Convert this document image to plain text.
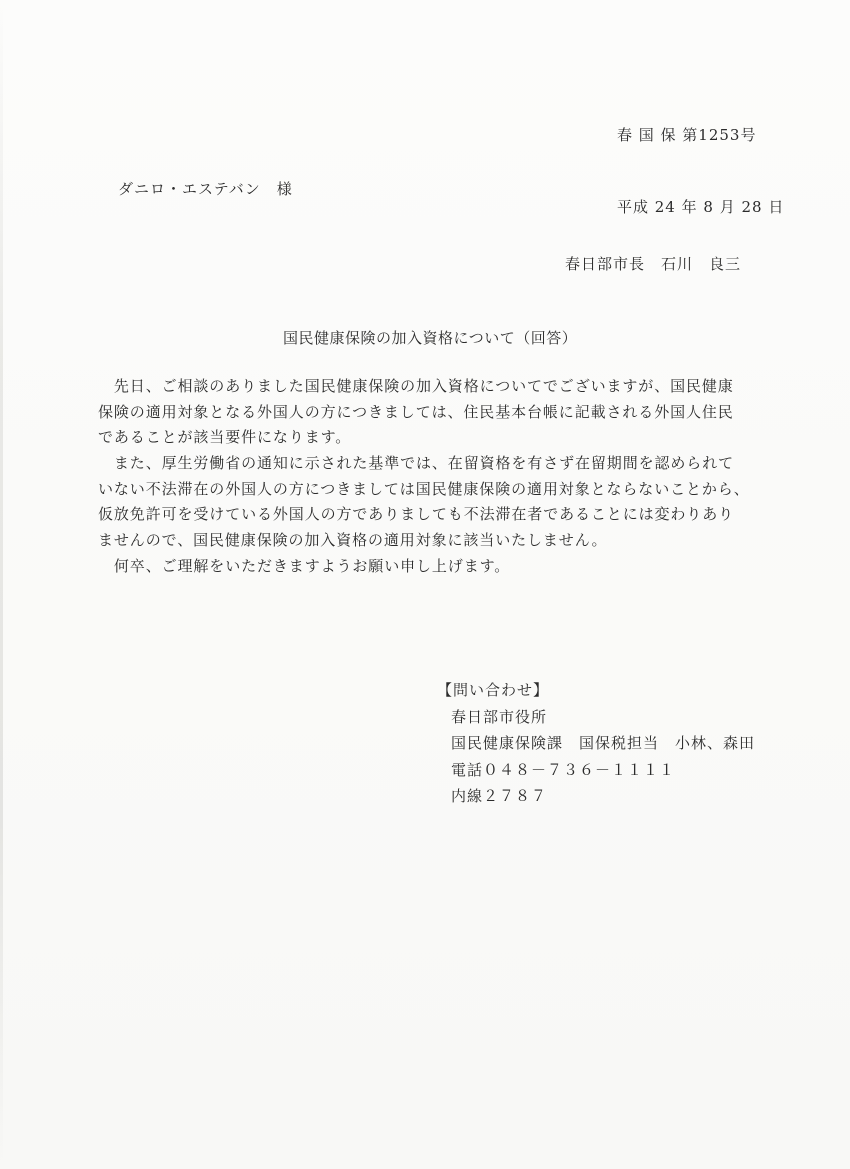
春 国 保 第1253号

平成 24 年 8 月 28 日

ダニロ・エステバン　様
春日部市長　石川　良三
国民健康保険の加入資格について（回答）
　先日、ご相談のありました国民健康保険の加入資格についてでございますが、国民健康
保険の適用対象となる外国人の方につきましては、住民基本台帳に記載される外国人住民
であることが該当要件になります。
　また、厚生労働省の通知に示された基準では、在留資格を有さず在留期間を認められて
いない不法滞在の外国人の方につきましては国民健康保険の適用対象とならないことから、
仮放免許可を受けている外国人の方でありましても不法滞在者であることには変わりあり
ませんので、国民健康保険の加入資格の適用対象に該当いたしません。
　何卒、ご理解をいただきますようお願い申し上げます。
【問い合わせ】
春日部市役所
国民健康保険課　国保税担当　小林、森田
電話０４８－７３６－１１１１
内線２７８７
